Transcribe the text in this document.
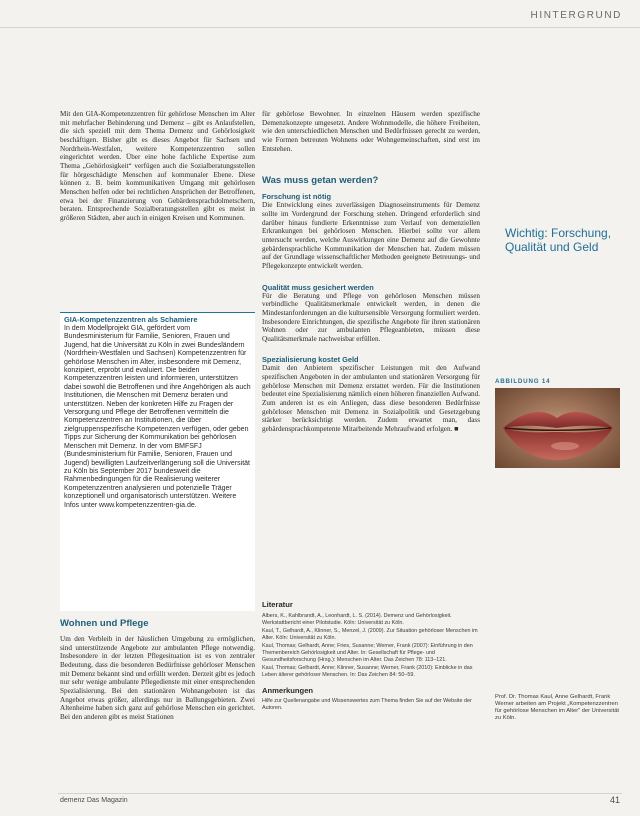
HINTERGRUND

Mit den GIA-Kompetenzzentren für gehörlose Menschen im Alter mit mehrfacher Behinderung und Demenz – gibt es Anlaufstellen, die sich speziell mit dem Thema Demenz und Gehörlosigkeit beschäftigen. Bisher gibt es dieses Angebot für Sachsen und Nordrhein-Westfalen, weitere Kompetenzzentren sollen eingerichtet werden. Über eine hohe fachliche Expertise zum Thema „Gehörlosigkeit“ verfügen auch die Sozialberatungsstellen für hörgeschädigte Menschen auf kommunaler Ebene. Diese können z. B. beim kommunikativen Umgang mit gehörlosen Menschen helfen oder bei rechtlichen Ansprüchen der Betroffenen, etwa bei der Finanzierung von Gebärdensprachdolmetschern, beraten. Entsprechende Sozialberatungsstellen gibt es meist in größeren Städten, aber auch in einigen Kreisen und Kommunen.

GIA-Kompetenzzentren als Schamiere
In dem Modellprojekt GIA, gefördert vom Bundesministerium für Familie, Senioren, Frauen und Jugend, hat die Universität zu Köln in zwei Bundesländern (Nordrhein-Westfalen und Sachsen) Kompetenzzentren für gehörlose Menschen im Alter, insbesondere mit Demenz, konzipiert, erprobt und evaluiert. Die beiden Kompetenzzentren leisten und informieren, unterstützen dabei sowohl die Betroffenen und ihre Angehörigen als auch Institutionen, die Menschen mit Demenz beraten und unterstützen. Neben der konkreten Hilfe zu Fragen der Versorgung und Pflege der Betroffenen vermitteln die Kompetenzzentren an Institutionen, die über zielgruppenspezifische Kompetenzen verfügen, oder geben Tipps zur Sicherung der Kommunikation bei gehörlosen Menschen mit Demenz. In der vom BMFSFJ (Bundesministerium für Familie, Senioren, Frauen und Jugend) bewilligten Laufzeitverlängerung soll die Universität zu Köln bis September 2017 bundesweit die Rahmenbedingungen für die Realisierung weiterer Kompetenzzentren analysieren und potenzielle Träger konzeptionell und organisatorisch unterstützen. Weitere Infos unter www.kompetenzzentren-gia.de.
Wohnen und Pflege
Um den Verbleib in der häuslichen Umgebung zu ermöglichen, sind unterstützende Angebote zur ambulanten Pflege notwendig. Insbesondere in der letzten Pflegesituation ist es von zentraler Bedeutung, dass die besonderen Bedürfnisse gehörloser Menschen mit Demenz bekannt sind und erfüllt werden. Derzeit gibt es jedoch nur sehr wenige ambulante Pflegedienste mit einer entsprechenden Spezialisierung. Bei den stationären Wohnangeboten ist das Angebot etwas größer, allerdings nur in Ballungsgebieten. Zwei Altenheime haben sich ganz auf gehörlose Menschen ein gerichtet. Bei den anderen gibt es meist Stationen
für gehörlose Bewohner. In einzelnen Häusern werden spezifische Demenzkonzepte umgesetzt. Andere Wohnmodelle, die höhere Freiheiten, wie den unterschiedlichen Menschen und Bedürfnissen gerecht zu werden, wie Formen betreuten Wohnens oder Wohngemeinschaften, sind erst im Entstehen.
Was muss getan werden?
Forschung ist nötig
Die Entwicklung eines zuverlässigen Diagnoseinstruments für Demenz sollte im Vordergrund der Forschung stehen. Dringend erforderlich sind darüber hinaus fundierte Erkenntnisse zum Verlauf von demenziellen Erkrankungen bei gehörlosen Menschen. Hierbei sollte vor allem untersucht werden, welche Auswirkungen eine Demenz auf die Gewohnte gebärdensprachliche Kommunikation der Menschen hat. Zudem müssen auf der Grundlage wissenschaftlicher Methoden geeignete Betreuungs- und Pflegekonzepte entwickelt werden.
Qualität muss gesichert werden
Für die Beratung und Pflege von gehörlosen Menschen müssen verbindliche Qualitätsmerkmale entwickelt werden, in denen die Mindestanforderungen an die kultursensible Versorgung formuliert werden. Insbesondere Einrichtungen, die spezifische Angebote für ihren stationären Wohnen oder zur ambulanten Pflegeanbieten, müssen diese Qualitätsmerkmale nachweisbar erfüllen.
Spezialisierung kostet Geld
Damit den Anbietern spezifischer Leistungen mit den Aufwand spezifischen Angeboten in der ambulanten und stationären Versorgung für gehörlose Menschen mit Demenz erstattet werden. Für die Institutionen bedeutet eine Spezialisierung nämlich einen höheren finanziellen Aufwand. Zum anderen ist es ein Anliegen, dass diese besonderen Bedürfnisse gehörloser Menschen mit Demenz in Sozialpolitik und Gesetzgebung stärker berücksichtigt werden. Zudem erwartet man, dass gebärdensprachkompetente Mitarbeitende Mehraufwand erfolgen. ■
Literatur

Albers, K., Kahlbrandt, A., Leonhardt, L. S. (2014). Demenz und Gehörlosigkeit. Werkstattbericht einer Pilotstudie. Köln: Universität zu Köln.

Kaul, T., Gelhardt, A., Klinner, S., Menzel, J. (2009). Zur Situation gehörloser Menschen im Alter. Köln: Universität zu Köln.

Kaul, Thomas; Gelhardt, Anne; Fries, Susanne; Werner, Frank (2007): Einführung in den Themenbereich Gehörlosigkeit und Alter. In: Gesellschaft für Pflege- und Gesundheitsforschung (Hrsg.): Menschen im Alter. Das Zeichen 78: 113–121.

Kaul, Thomas; Gelhardt, Anne; Klinner, Susanne; Werner, Frank (2010): Einblicke in das Leben älterer gehörloser Menschen. In: Das Zeichen 84: 50–59.

Anmerkungen
Hilfe zur Quellenangabe und Wissenswertes zum Thema finden Sie auf der Website der Autoren.
Wichtig: Forschung, Qualität und Geld
ABBILDUNG 14
Prof. Dr. Thomas Kaul, Anne Gelhardt, Frank Werner arbeiten am Projekt „Kompetenzzentren für gehörlose Menschen im Alter“ der Universität zu Köln.
demenz Das Magazin	41
